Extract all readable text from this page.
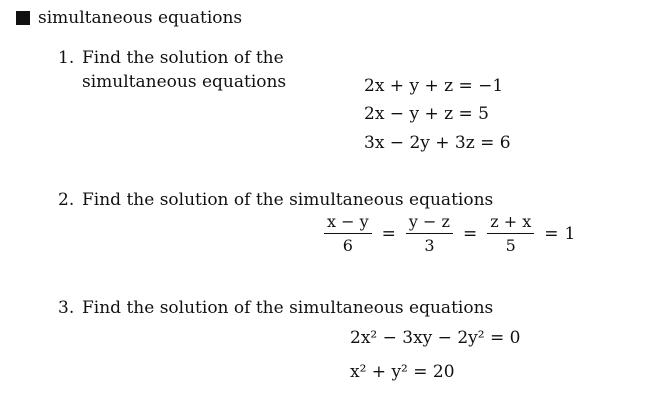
simultaneous equations
1. Find the solution of the
simultaneous equations	2x + y + z = −1
2x − y + z = 5
3x − 2y + 3z = 6
2. Find the solution of the simultaneous equations
$\frac{x - y}{6} = \frac{y - z}{3} = \frac{z + x}{5} = 1$
3. Find the solution of the simultaneous equations
2x² − 3xy − 2y² = 0
x² + y² = 20
